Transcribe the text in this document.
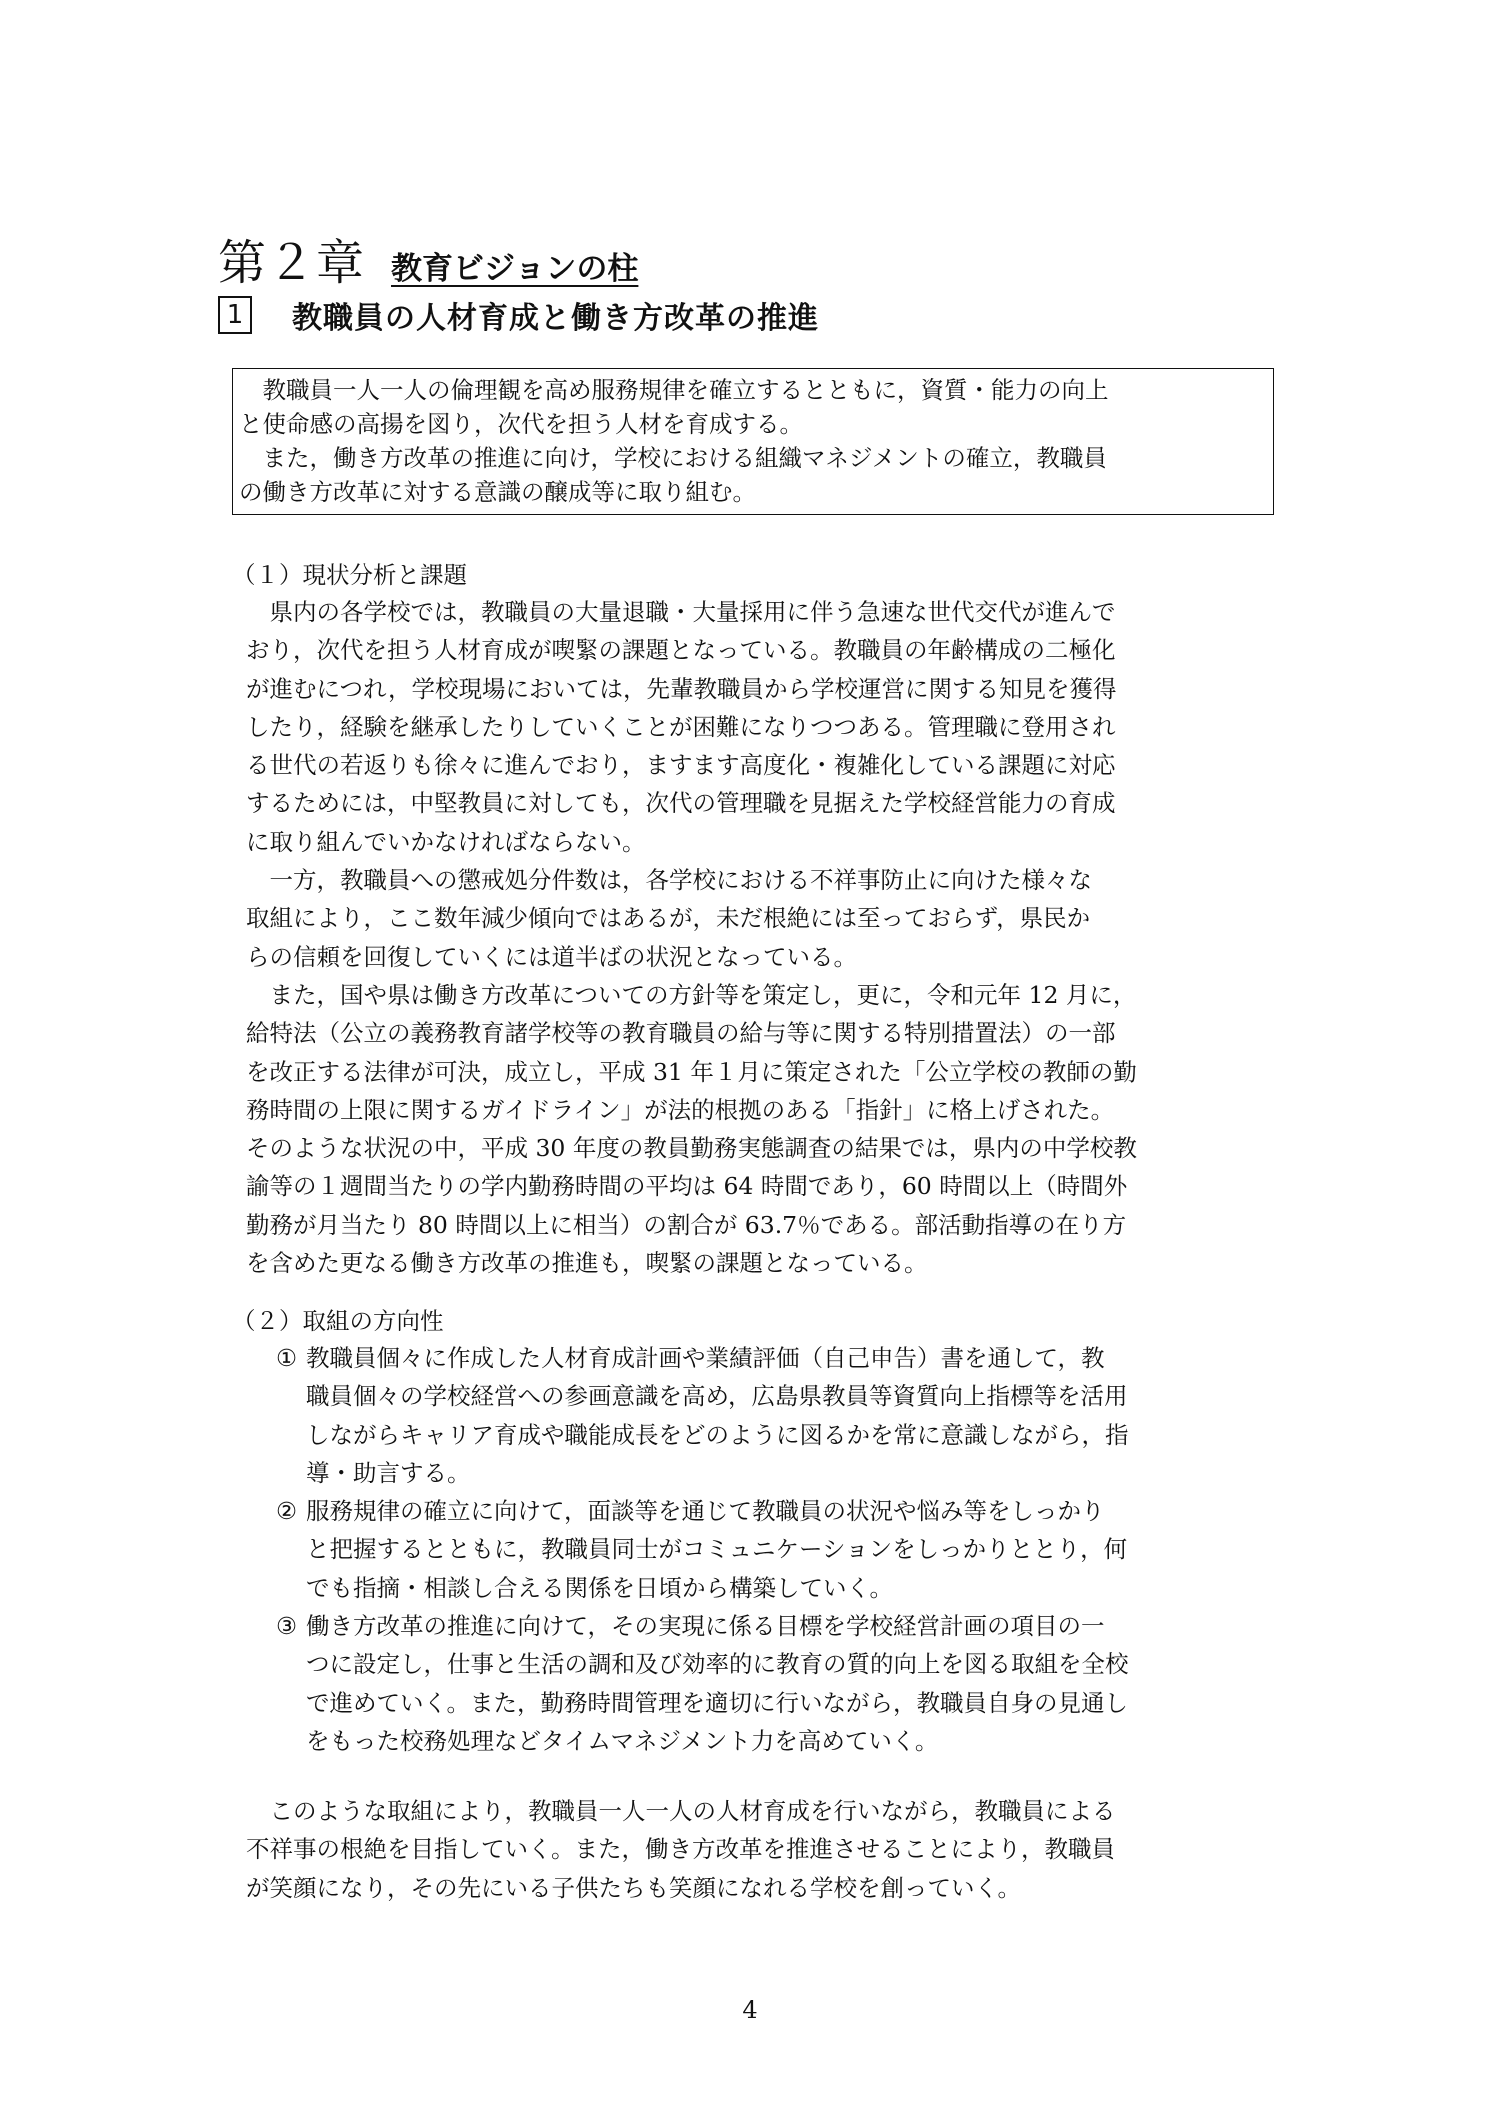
第２章 教育ビジョンの柱
1 教職員の人材育成と働き方改革の推進

教職員一人一人の倫理観を高め服務規律を確立するとともに，資質・能力の向上
と使命感の高揚を図り，次代を担う人材を育成する。

また，働き方改革の推進に向け，学校における組織マネジメントの確立，教職員
の働き方改革に対する意識の醸成等に取り組む。

（１）現状分析と課題
　県内の各学校では，教職員の大量退職・大量採用に伴う急速な世代交代が進んで
おり，次代を担う人材育成が喫緊の課題となっている。教職員の年齢構成の二極化
が進むにつれ，学校現場においては，先輩教職員から学校運営に関する知見を獲得
したり，経験を継承したりしていくことが困難になりつつある。管理職に登用され
る世代の若返りも徐々に進んでおり，ますます高度化・複雑化している課題に対応
するためには，中堅教員に対しても，次代の管理職を見据えた学校経営能力の育成
に取り組んでいかなければならない。
　一方，教職員への懲戒処分件数は，各学校における不祥事防止に向けた様々な
取組により，ここ数年減少傾向ではあるが，未だ根絶には至っておらず，県民か
らの信頼を回復していくには道半ばの状況となっている。
　また，国や県は働き方改革についての方針等を策定し，更に，令和元年 12 月に，
給特法（公立の義務教育諸学校等の教育職員の給与等に関する特別措置法）の一部
を改正する法律が可決，成立し，平成 31 年１月に策定された「公立学校の教師の勤
務時間の上限に関するガイドライン」が法的根拠のある「指針」に格上げされた。
そのような状況の中，平成 30 年度の教員勤務実態調査の結果では，県内の中学校教
諭等の１週間当たりの学内勤務時間の平均は 64 時間であり，60 時間以上（時間外
勤務が月当たり 80 時間以上に相当）の割合が 63.7％である。部活動指導の在り方
を含めた更なる働き方改革の推進も，喫緊の課題となっている。
（２）取組の方向性
① 教職員個々に作成した人材育成計画や業績評価（自己申告）書を通して，教
職員個々の学校経営への参画意識を高め，広島県教員等資質向上指標等を活用
しながらキャリア育成や職能成長をどのように図るかを常に意識しながら，指
導・助言する。
② 服務規律の確立に向けて，面談等を通じて教職員の状況や悩み等をしっかり
と把握するとともに，教職員同士がコミュニケーションをしっかりととり，何
でも指摘・相談し合える関係を日頃から構築していく。
③ 働き方改革の推進に向けて，その実現に係る目標を学校経営計画の項目の一
つに設定し，仕事と生活の調和及び効率的に教育の質的向上を図る取組を全校
で進めていく。また，勤務時間管理を適切に行いながら，教職員自身の見通し
をもった校務処理などタイムマネジメント力を高めていく。
　このような取組により，教職員一人一人の人材育成を行いながら，教職員による
不祥事の根絶を目指していく。また，働き方改革を推進させることにより，教職員
が笑顔になり，その先にいる子供たちも笑顔になれる学校を創っていく。
4
